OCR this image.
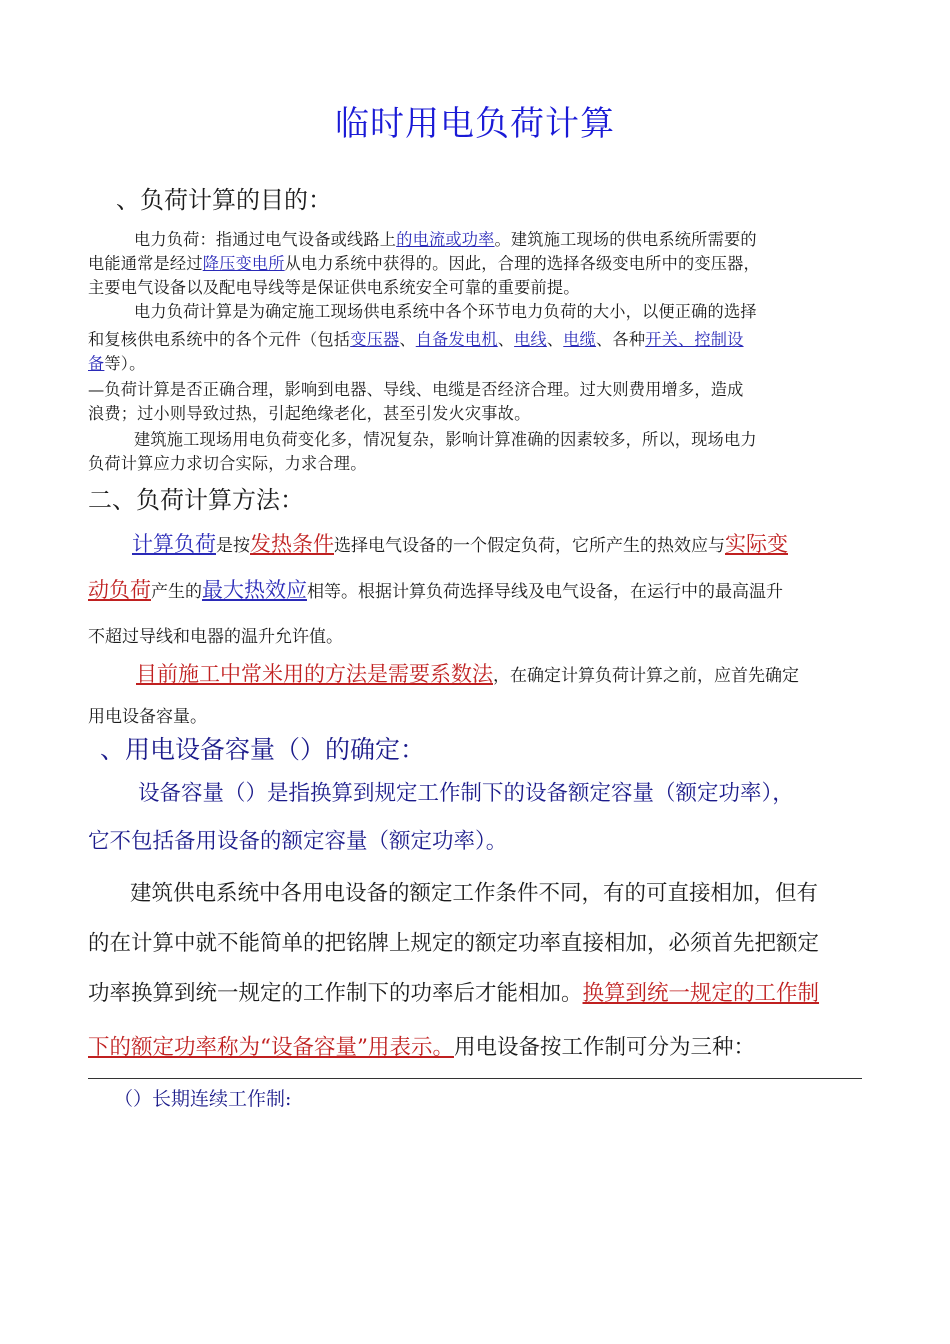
临时用电负荷计算
、负荷计算的目的：
电力负荷：指通过电气设备或线路上的电流或功率。建筑施工现场的供电系统所需要的
电能通常是经过降压变电所从电力系统中获得的。因此，合理的选择各级变电所中的变压器，
主要电气设备以及配电导线等是保证供电系统安全可靠的重要前提。
电力负荷计算是为确定施工现场供电系统中各个环节电力负荷的大小，以便正确的选择
和复核供电系统中的各个元件（包括变压器、自备发电机、电线、电缆、各种开关、控制设
备等）。
—负荷计算是否正确合理，影响到电器、导线、电缆是否经济合理。过大则费用增多，造成
浪费；过小则导致过热，引起绝缘老化，甚至引发火灾事故。
建筑施工现场用电负荷变化多，情况复杂，影响计算准确的因素较多，所以，现场电力
负荷计算应力求切合实际，力求合理。
二、负荷计算方法：
计算负荷是按发热条件选择电气设备的一个假定负荷，它所产生的热效应与实际变
动负荷产生的最大热效应相等。根据计算负荷选择导线及电气设备，在运行中的最高温升
不超过导线和电器的温升允许值。
目前施工中常米用的方法是需要系数法，在确定计算负荷计算之前，应首先确定
用电设备容量。
、用电设备容量（）的确定：
设备容量（）是指换算到规定工作制下的设备额定容量（额定功率），
它不包括备用设备的额定容量（额定功率）。
建筑供电系统中各用电设备的额定工作条件不同，有的可直接相加，但有
的在计算中就不能简单的把铭牌上规定的额定功率直接相加，必须首先把额定
功率换算到统一规定的工作制下的功率后才能相加。换算到统一规定的工作制
下的额定功率称为“设备容量”用表示。用电设备按工作制可分为三种：
（）长期连续工作制:
